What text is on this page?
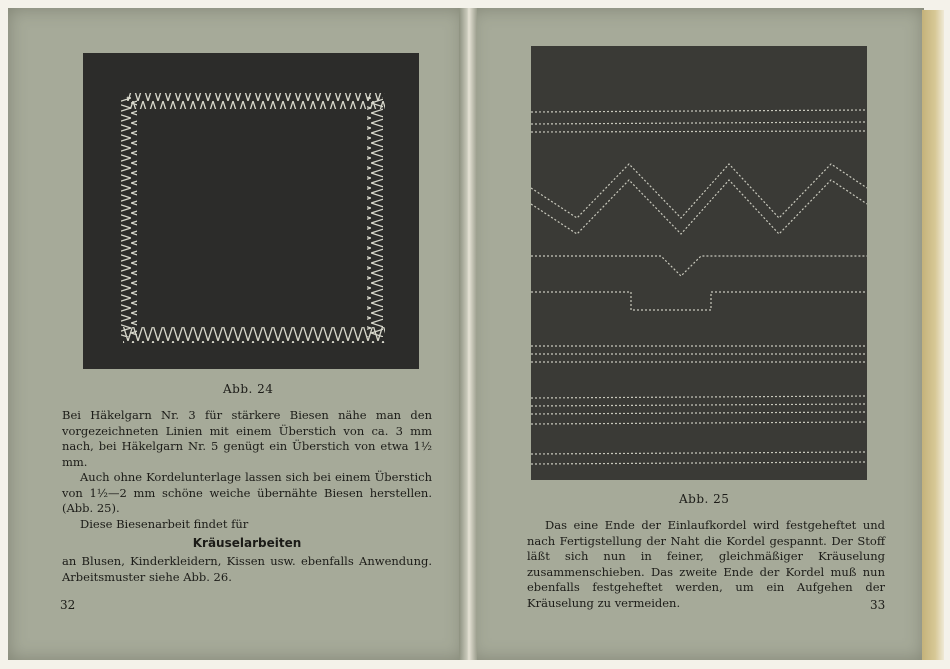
Abb. 24

Bei Häkelgarn Nr. 3 für stärkere Biesen nähe man den vorgezeichneten Linien mit einem Überstich von ca. 3 mm nach, bei Häkelgarn Nr. 5 genügt ein Überstich von etwa 1½ mm.

Auch ohne Kordelunterlage lassen sich bei einem Überstich von 1½—2 mm schöne weiche übernähte Biesen herstellen. (Abb. 25).

Diese Biesenarbeit findet für

Kräuselarbeiten

an Blusen, Kinderkleidern, Kissen usw. ebenfalls Anwendung. Arbeitsmuster siehe Abb. 26.

32
Abb. 25

Das eine Ende der Einlaufkordel wird festgeheftet und nach Fertigstellung der Naht die Kordel gespannt. Der Stoff läßt sich nun in feiner, gleichmäßiger Kräuselung zusammenschieben. Das zweite Ende der Kordel muß nun ebenfalls festgeheftet werden, um ein Aufgehen der Kräuselung zu vermeiden.	33
